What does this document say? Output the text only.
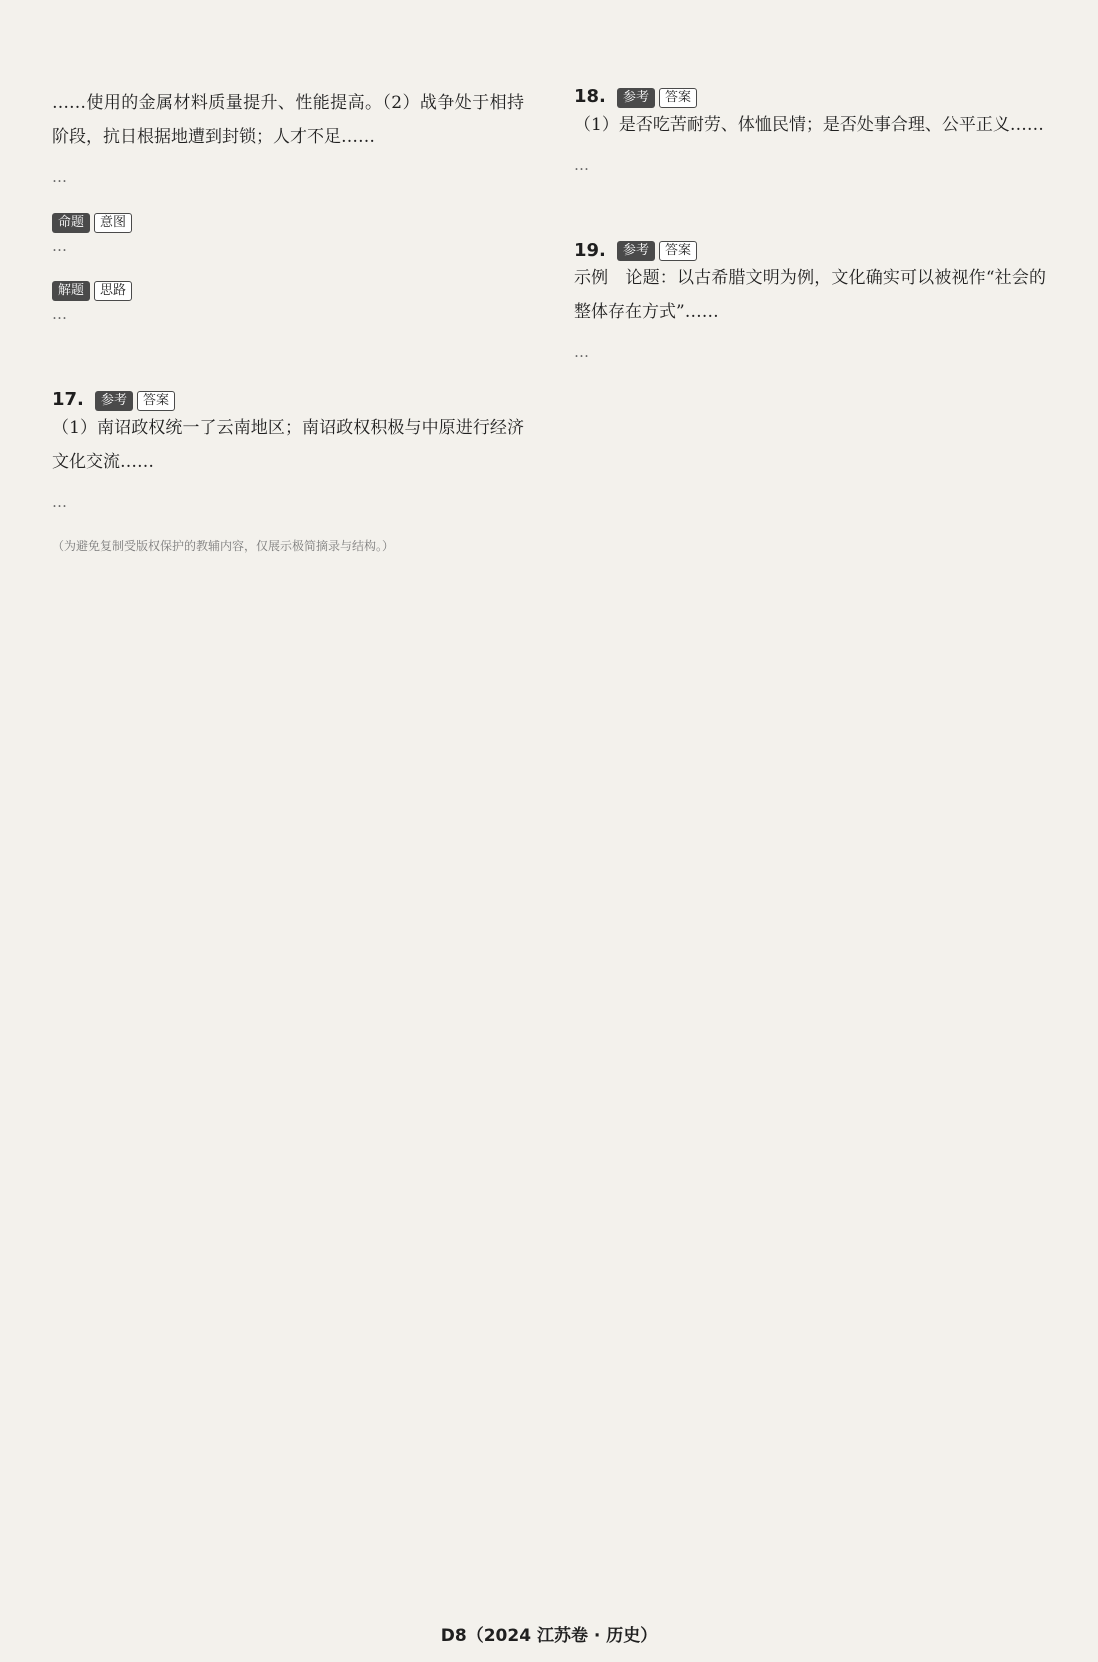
……使用的金属材料质量提升、性能提高。（2）战争处于相持阶段，抗日根据地遭到封锁；人才不足……

…
命题 意图
…
解题 思路
…
17. 参考 答案

（1）南诏政权统一了云南地区；南诏政权积极与中原进行经济文化交流……

…
（为避免复制受版权保护的教辅内容，仅展示极简摘录与结构。）
18. 参考 答案

（1）是否吃苦耐劳、体恤民情；是否处事合理、公平正义……

…
19. 参考 答案

示例　论题：以古希腊文明为例，文化确实可以被视作“社会的整体存在方式”……

…
D8（2024 江苏卷 · 历史）
